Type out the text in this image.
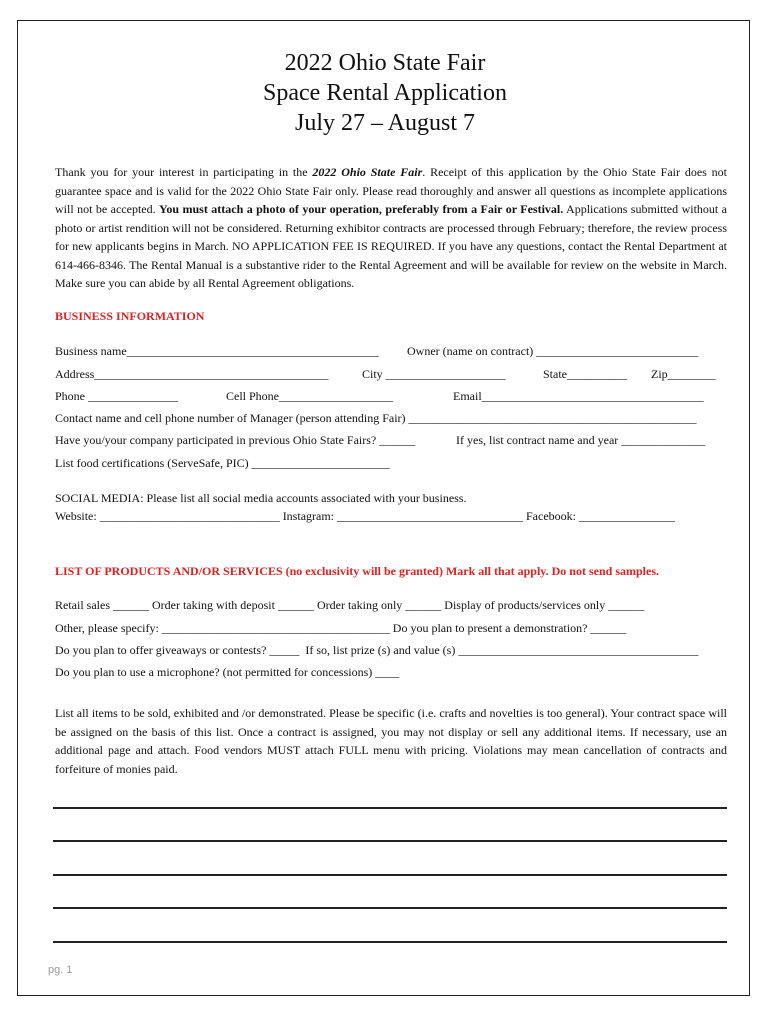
2022 Ohio State Fair
Space Rental Application
July 27 – August 7

Thank you for your interest in participating in the 2022 Ohio State Fair. Receipt of this application by the Ohio State Fair does not guarantee space and is valid for the 2022 Ohio State Fair only. Please read thoroughly and answer all questions as incomplete applications will not be accepted. You must attach a photo of your operation, preferably from a Fair or Festival. Applications submitted without a photo or artist rendition will not be considered. Returning exhibitor contracts are processed through February; therefore, the review process for new applicants begins in March. NO APPLICATION FEE IS REQUIRED. If you have any questions, contact the Rental Department at 614-466-8346. The Rental Manual is a substantive rider to the Rental Agreement and will be available for review on the website in March. Make sure you can abide by all Rental Agreement obligations.

BUSINESS INFORMATION
Business name__________________________________________ Owner (name on contract) ___________________________
Address_______________________________________	City ____________________	State__________ Zip________
Phone _______________	Cell Phone___________________	Email_____________________________________
Contact name and cell phone number of Manager (person attending Fair) ________________________________________________
Have you/your company participated in previous Ohio State Fairs? ______	If yes, list contract name and year ______________
List food certifications (ServeSafe, PIC) _______________________
SOCIAL MEDIA: Please list all social media accounts associated with your business.
Website: ______________________________ Instagram: _______________________________ Facebook: ________________
LIST OF PRODUCTS AND/OR SERVICES (no exclusivity will be granted) Mark all that apply. Do not send samples.
Retail sales ______ Order taking with deposit ______ Order taking only ______ Display of products/services only ______
Other, please specify: ______________________________________ Do you plan to present a demonstration? ______
Do you plan to offer giveaways or contests? _____  If so, list prize (s) and value (s) ________________________________________
Do you plan to use a microphone? (not permitted for concessions) ____

List all items to be sold, exhibited and /or demonstrated. Please be specific (i.e. crafts and novelties is too general). Your contract space will be assigned on the basis of this list. Once a contract is assigned, you may not display or sell any additional items. If necessary, use an additional page and attach. Food vendors MUST attach FULL menu with pricing. Violations may mean cancellation of contracts and forfeiture of monies paid.

pg. 1
